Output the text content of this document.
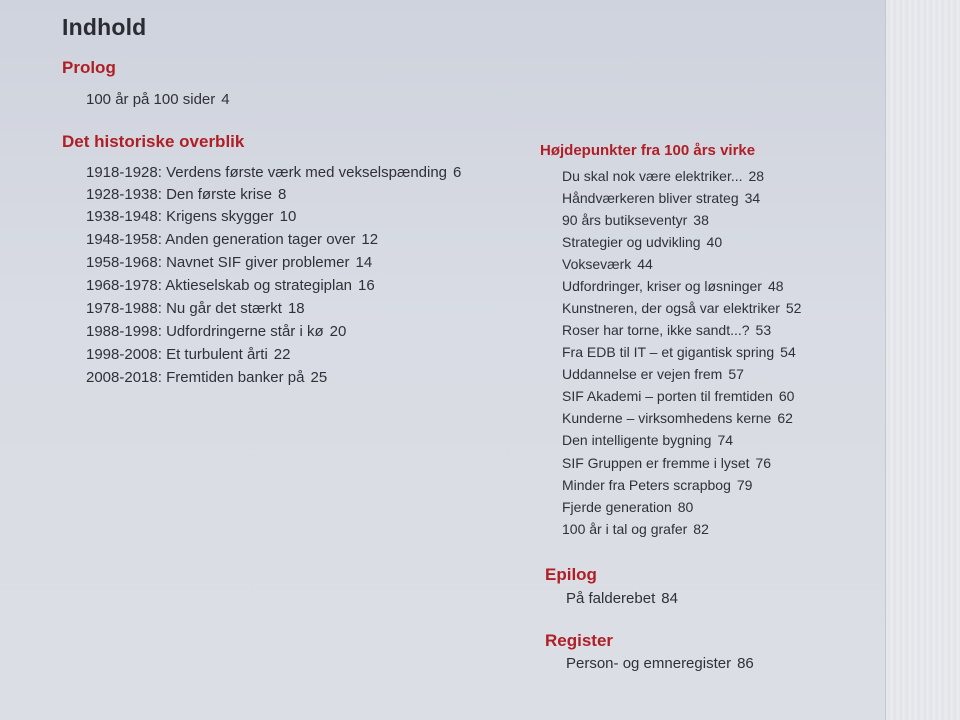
Indhold
Prolog
100 år på 100 sider 4
Det historiske overblik
1918-1928: Verdens første værk med vekselspænding 6
1928-1938: Den første krise 8
1938-1948: Krigens skygger 10
1948-1958: Anden generation tager over 12
1958-1968: Navnet SIF giver problemer 14
1968-1978: Aktieselskab og strategiplan 16
1978-1988: Nu går det stærkt 18
1988-1998: Udfordringerne står i kø 20
1998-2008: Et turbulent årti 22
2008-2018: Fremtiden banker på 25
Højdepunkter fra 100 års virke
Du skal nok være elektriker... 28
Håndværkeren bliver strateg 34
90 års butikseventyr 38
Strategier og udvikling 40
Vokseværk 44
Udfordringer, kriser og løsninger 48
Kunstneren, der også var elektriker 52
Roser har torne, ikke sandt...? 53
Fra EDB til IT – et gigantisk spring 54
Uddannelse er vejen frem 57
SIF Akademi – porten til fremtiden 60
Kunderne – virksomhedens kerne 62
Den intelligente bygning 74
SIF Gruppen er fremme i lyset 76
Minder fra Peters scrapbog 79
Fjerde generation 80
100 år i tal og grafer 82
Epilog
På falderebet 84
Register
Person- og emneregister 86
